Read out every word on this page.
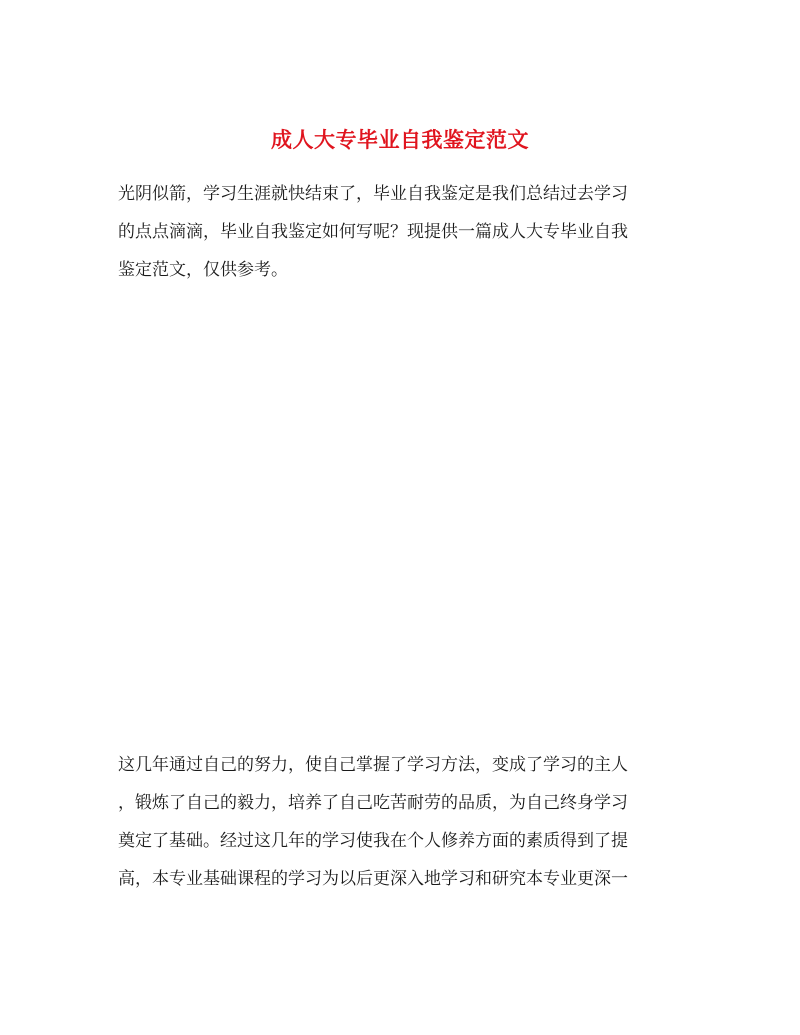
成人大专毕业自我鉴定范文
光阴似箭，学习生涯就快结束了，毕业自我鉴定是我们总结过去学习
的点点滴滴，毕业自我鉴定如何写呢？现提供一篇成人大专毕业自我
鉴定范文，仅供参考。
这几年通过自己的努力，使自己掌握了学习方法，变成了学习的主人
，锻炼了自己的毅力，培养了自己吃苦耐劳的品质，为自己终身学习
奠定了基础。经过这几年的学习使我在个人修养方面的素质得到了提
高，本专业基础课程的学习为以后更深入地学习和研究本专业更深一
